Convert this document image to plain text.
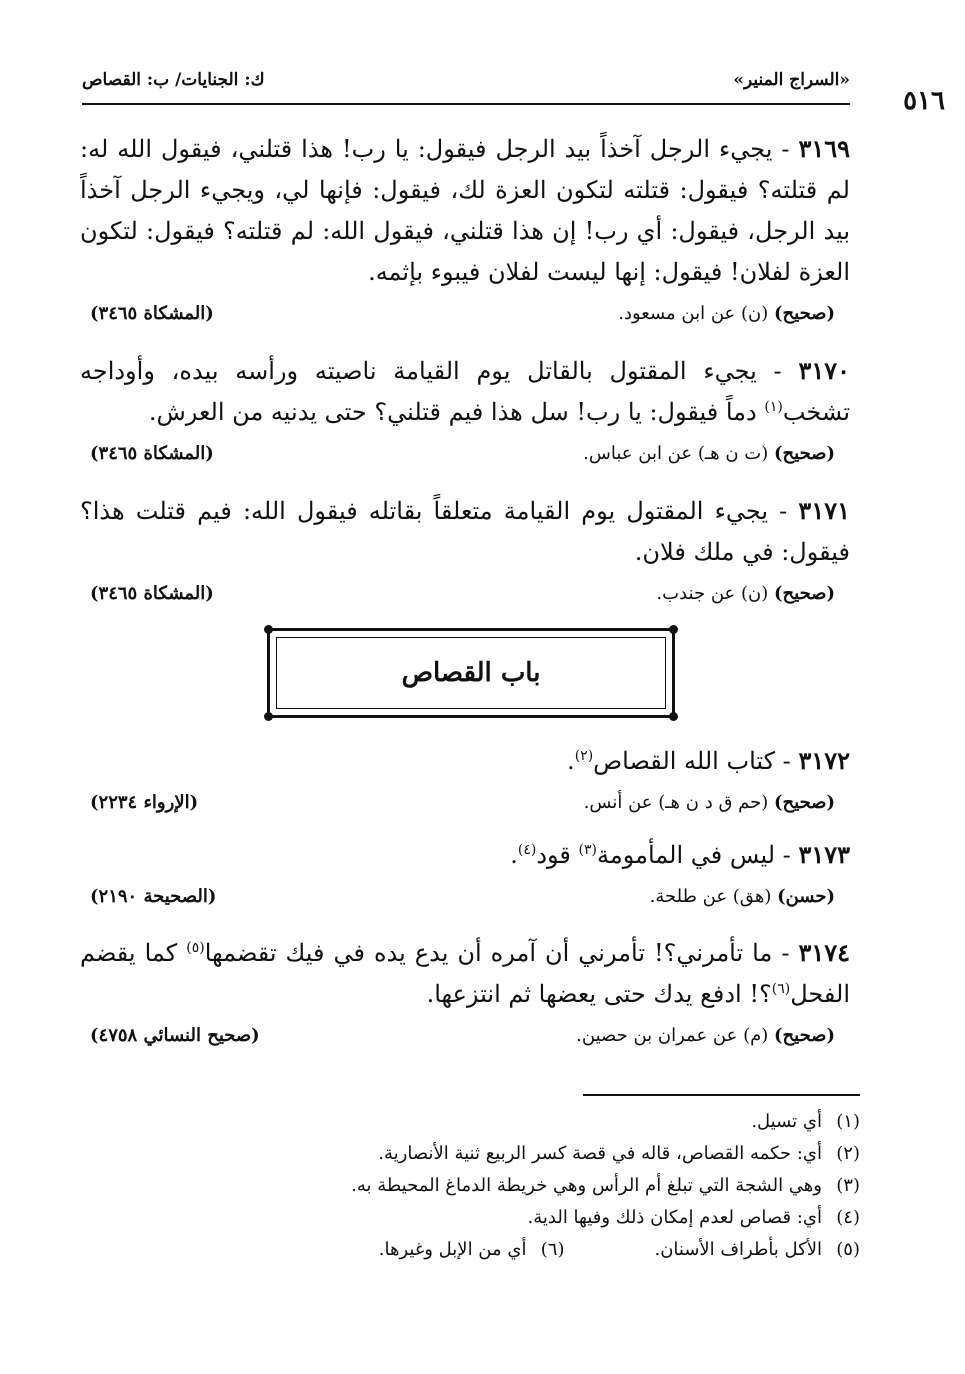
٥١٦
«السراج المنير»
ك: الجنايات/ ب: القصاص
٣١٦٩ - يجيء الرجل آخذاً بيد الرجل فيقول: يا رب! هذا قتلني، فيقول الله له: لم قتلته؟ فيقول: قتلته لتكون العزة لك، فيقول: فإنها لي، ويجيء الرجل آخذاً بيد الرجل، فيقول: أي رب! إن هذا قتلني، فيقول الله: لم قتلته؟ فيقول: لتكون العزة لفلان! فيقول: إنها ليست لفلان فيبوء بإثمه.
(صحيح) (ن) عن ابن مسعود.
(المشكاة ٣٤٦٥)
٣١٧٠ - يجيء المقتول بالقاتل يوم القيامة ناصيته ورأسه بيده، وأوداجه تشخب$^{(١)}$ دماً فيقول: يا رب! سل هذا فيم قتلني؟ حتى يدنيه من العرش.
(صحيح) (ت ن هـ) عن ابن عباس.
(المشكاة ٣٤٦٥)
٣١٧١ - يجيء المقتول يوم القيامة متعلقاً بقاتله فيقول الله: فيم قتلت هذا؟ فيقول: في ملك فلان.
(صحيح) (ن) عن جندب.
(المشكاة ٣٤٦٥)
باب القصاص
٣١٧٢ - كتاب الله القصاص$^{(٢)}$.
(صحيح) (حم ق د ن هـ) عن أنس.
(الإرواء ٢٢٣٤)
٣١٧٣ - ليس في المأمومة$^{(٣)}$ قود$^{(٤)}$.
(حسن) (هق) عن طلحة.
(الصحيحة ٢١٩٠)
٣١٧٤ - ما تأمرني؟! تأمرني أن آمره أن يدع يده في فيك تقضمها$^{(٥)}$ كما يقضم الفحل$^{(٦)}$؟! ادفع يدك حتى يعضها ثم انتزعها.
(صحيح) (م) عن عمران بن حصين.
(صحيح النسائي ٤٧٥٨)
(١)أي تسيل.
(٢)أي: حكمه القصاص، قاله في قصة كسر الربيع ثنية الأنصارية.
(٣)وهي الشجة التي تبلغ أم الرأس وهي خريطة الدماغ المحيطة به.
(٤)أي: قصاص لعدم إمكان ذلك وفيها الدية.
(٥)الأكل بأطراف الأسنان.(٦)أي من الإبل وغيرها.
